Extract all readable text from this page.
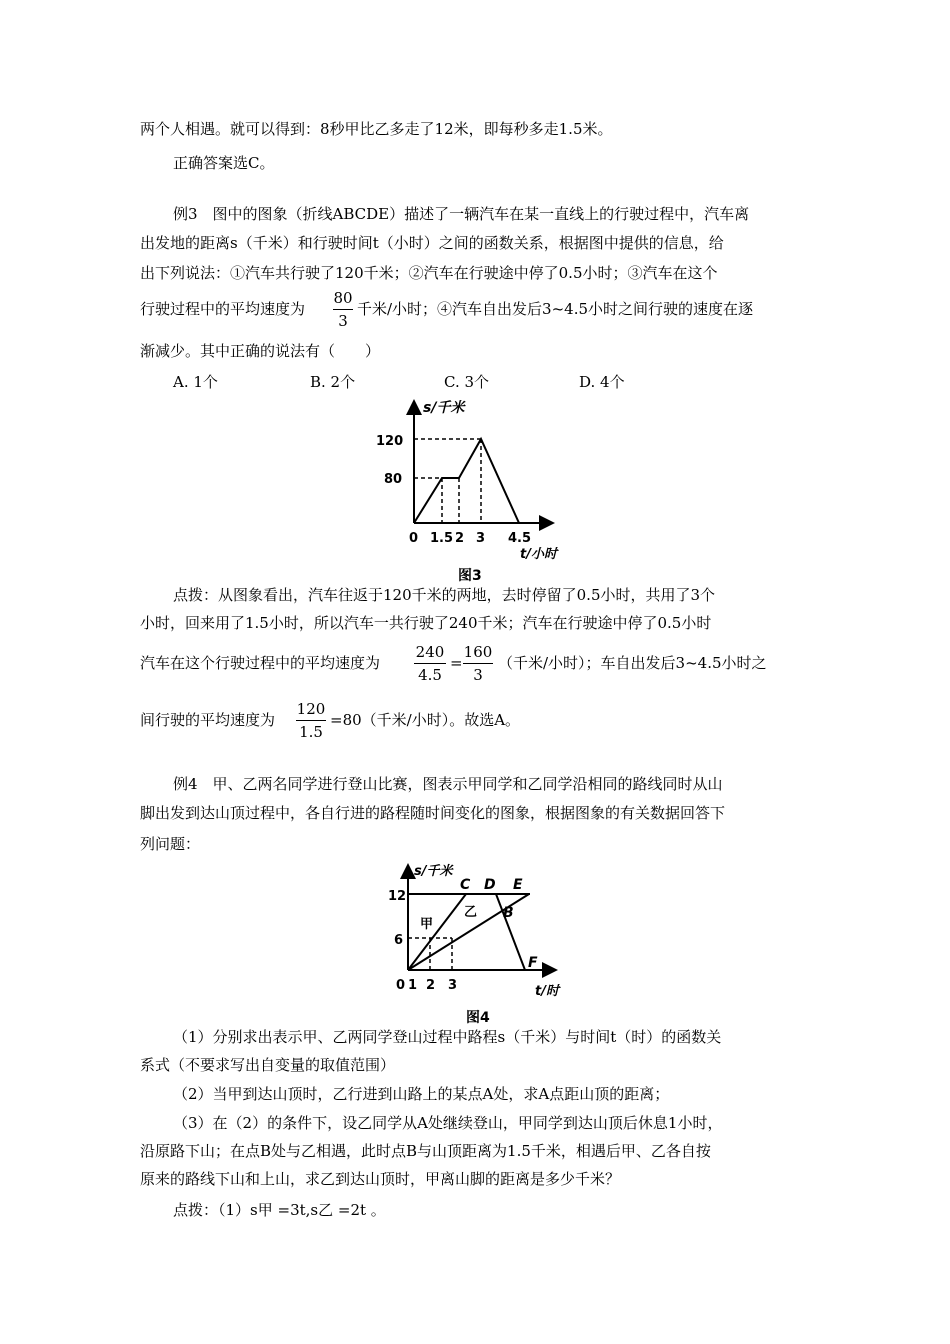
两个人相遇。就可以得到：8秒甲比乙多走了12米，即每秒多走1.5米。
正确答案选C。
例3　图中的图象（折线ABCDE）描述了一辆汽车在某一直线上的行驶过程中，汽车离
出发地的距离s（千米）和行驶时间t（小时）之间的函数关系，根据图中提供的信息，给
出下列说法：①汽车共行驶了120千米；②汽车在行驶途中停了0.5小时；③汽车在这个
行驶过程中的平均速度为
80
3
千米/小时；④汽车自出发后3~4.5小时之间行驶的速度在逐
渐减少。其中正确的说法有（　　）
A. 1个	B. 2个	C. 3个	D. 4个
s/千米
120
80
0 1.5 2 3 4.5
t/小时
图3
点拨：从图象看出，汽车往返于120千米的两地，去时停留了0.5小时，共用了3个
小时，回来用了1.5小时，所以汽车一共行驶了240千米；汽车在行驶途中停了0.5小时
汽车在这个行驶过程中的平均速度为
240
4.5
=
160
3
（千米/小时）；车自出发后3~4.5小时之
间行驶的平均速度为
120
1.5
=80（千米/小时）。故选A。
例4　甲、乙两名同学进行登山比赛，图表示甲同学和乙同学沿相同的路线同时从山
脚出发到达山顶过程中，各自行进的路程随时间变化的图象，根据图象的有关数据回答下
列问题：
s/千米
12
6
0 1 2 3	t/时
C D E
B
F
甲
乙
图4
（1）分别求出表示甲、乙两同学登山过程中路程s（千米）与时间t（时）的函数关
系式（不要求写出自变量的取值范围）
（2）当甲到达山顶时，乙行进到山路上的某点A处，求A点距山顶的距离；
（3）在（2）的条件下，设乙同学从A处继续登山，甲同学到达山顶后休息1小时，
沿原路下山；在点B处与乙相遇，此时点B与山顶距离为1.5千米，相遇后甲、乙各自按
原来的路线下山和上山，求乙到达山顶时，甲离山脚的距离是多少千米？
点拨：（1）s甲 =3t,s乙 =2t 。
